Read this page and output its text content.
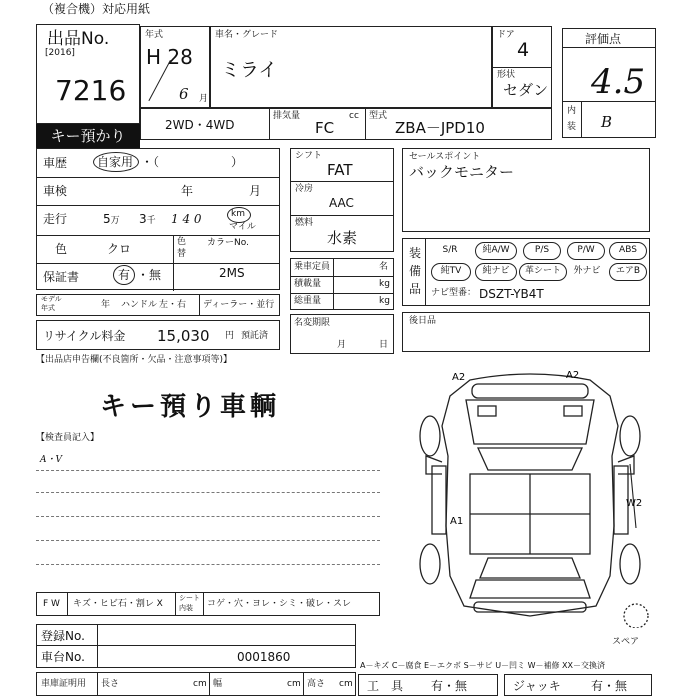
（複合機）対応用紙
出品No.
[2016]
7216
キー預かり
年式
H 28
6 月
車名・グレード
ミライ
ドア
4
形状
セダン
評価点
4.5
内
装 B
2WD・4WD
排気量
FC
cc 型式
ZBA－JPD10
車歴 自家用 ・（　　　　　　）
車検	年	月
走行	5万 3千 1 4 0	km
マイル
色	クロ	色
替
カラーNo.
保証書	有 ・無	2MS
モデル
年式	年 ハンドル 左・右 ディーラー・並行
リサイクル料金 15,030 円 預託済
シフト
FAT
冷房
AAC
燃料
水素
乗車定員	名
積載量	kg
総重量	kg
名変期限
月	日
セールスポイント
バックモニター
装
備
品
S/R	純A/W	P/S	P/W	ABS
純TV	純ナビ	革シート	外ナビ	エアB
ナビ型番： DSZT-YB4T
後日品
【出品店申告欄(不良箇所・欠品・注意事項等)】
キー預り車輌
【検査員記入】
A・V
A2	A2
A1
W2
スペア
F W キズ・ヒビ石・割レ X
シート
内装 コゲ・穴・ヨレ・シミ・破レ・スレ
登録No.
車台No.	0001860
車庫証明用 長さ	cm 幅	cm 高さ cm
A－キズ C－腐食 E－エクボ S－サビ U－凹ミ W－補修 XX－交換済
工　具 有・無	ジャッキ	有・無
